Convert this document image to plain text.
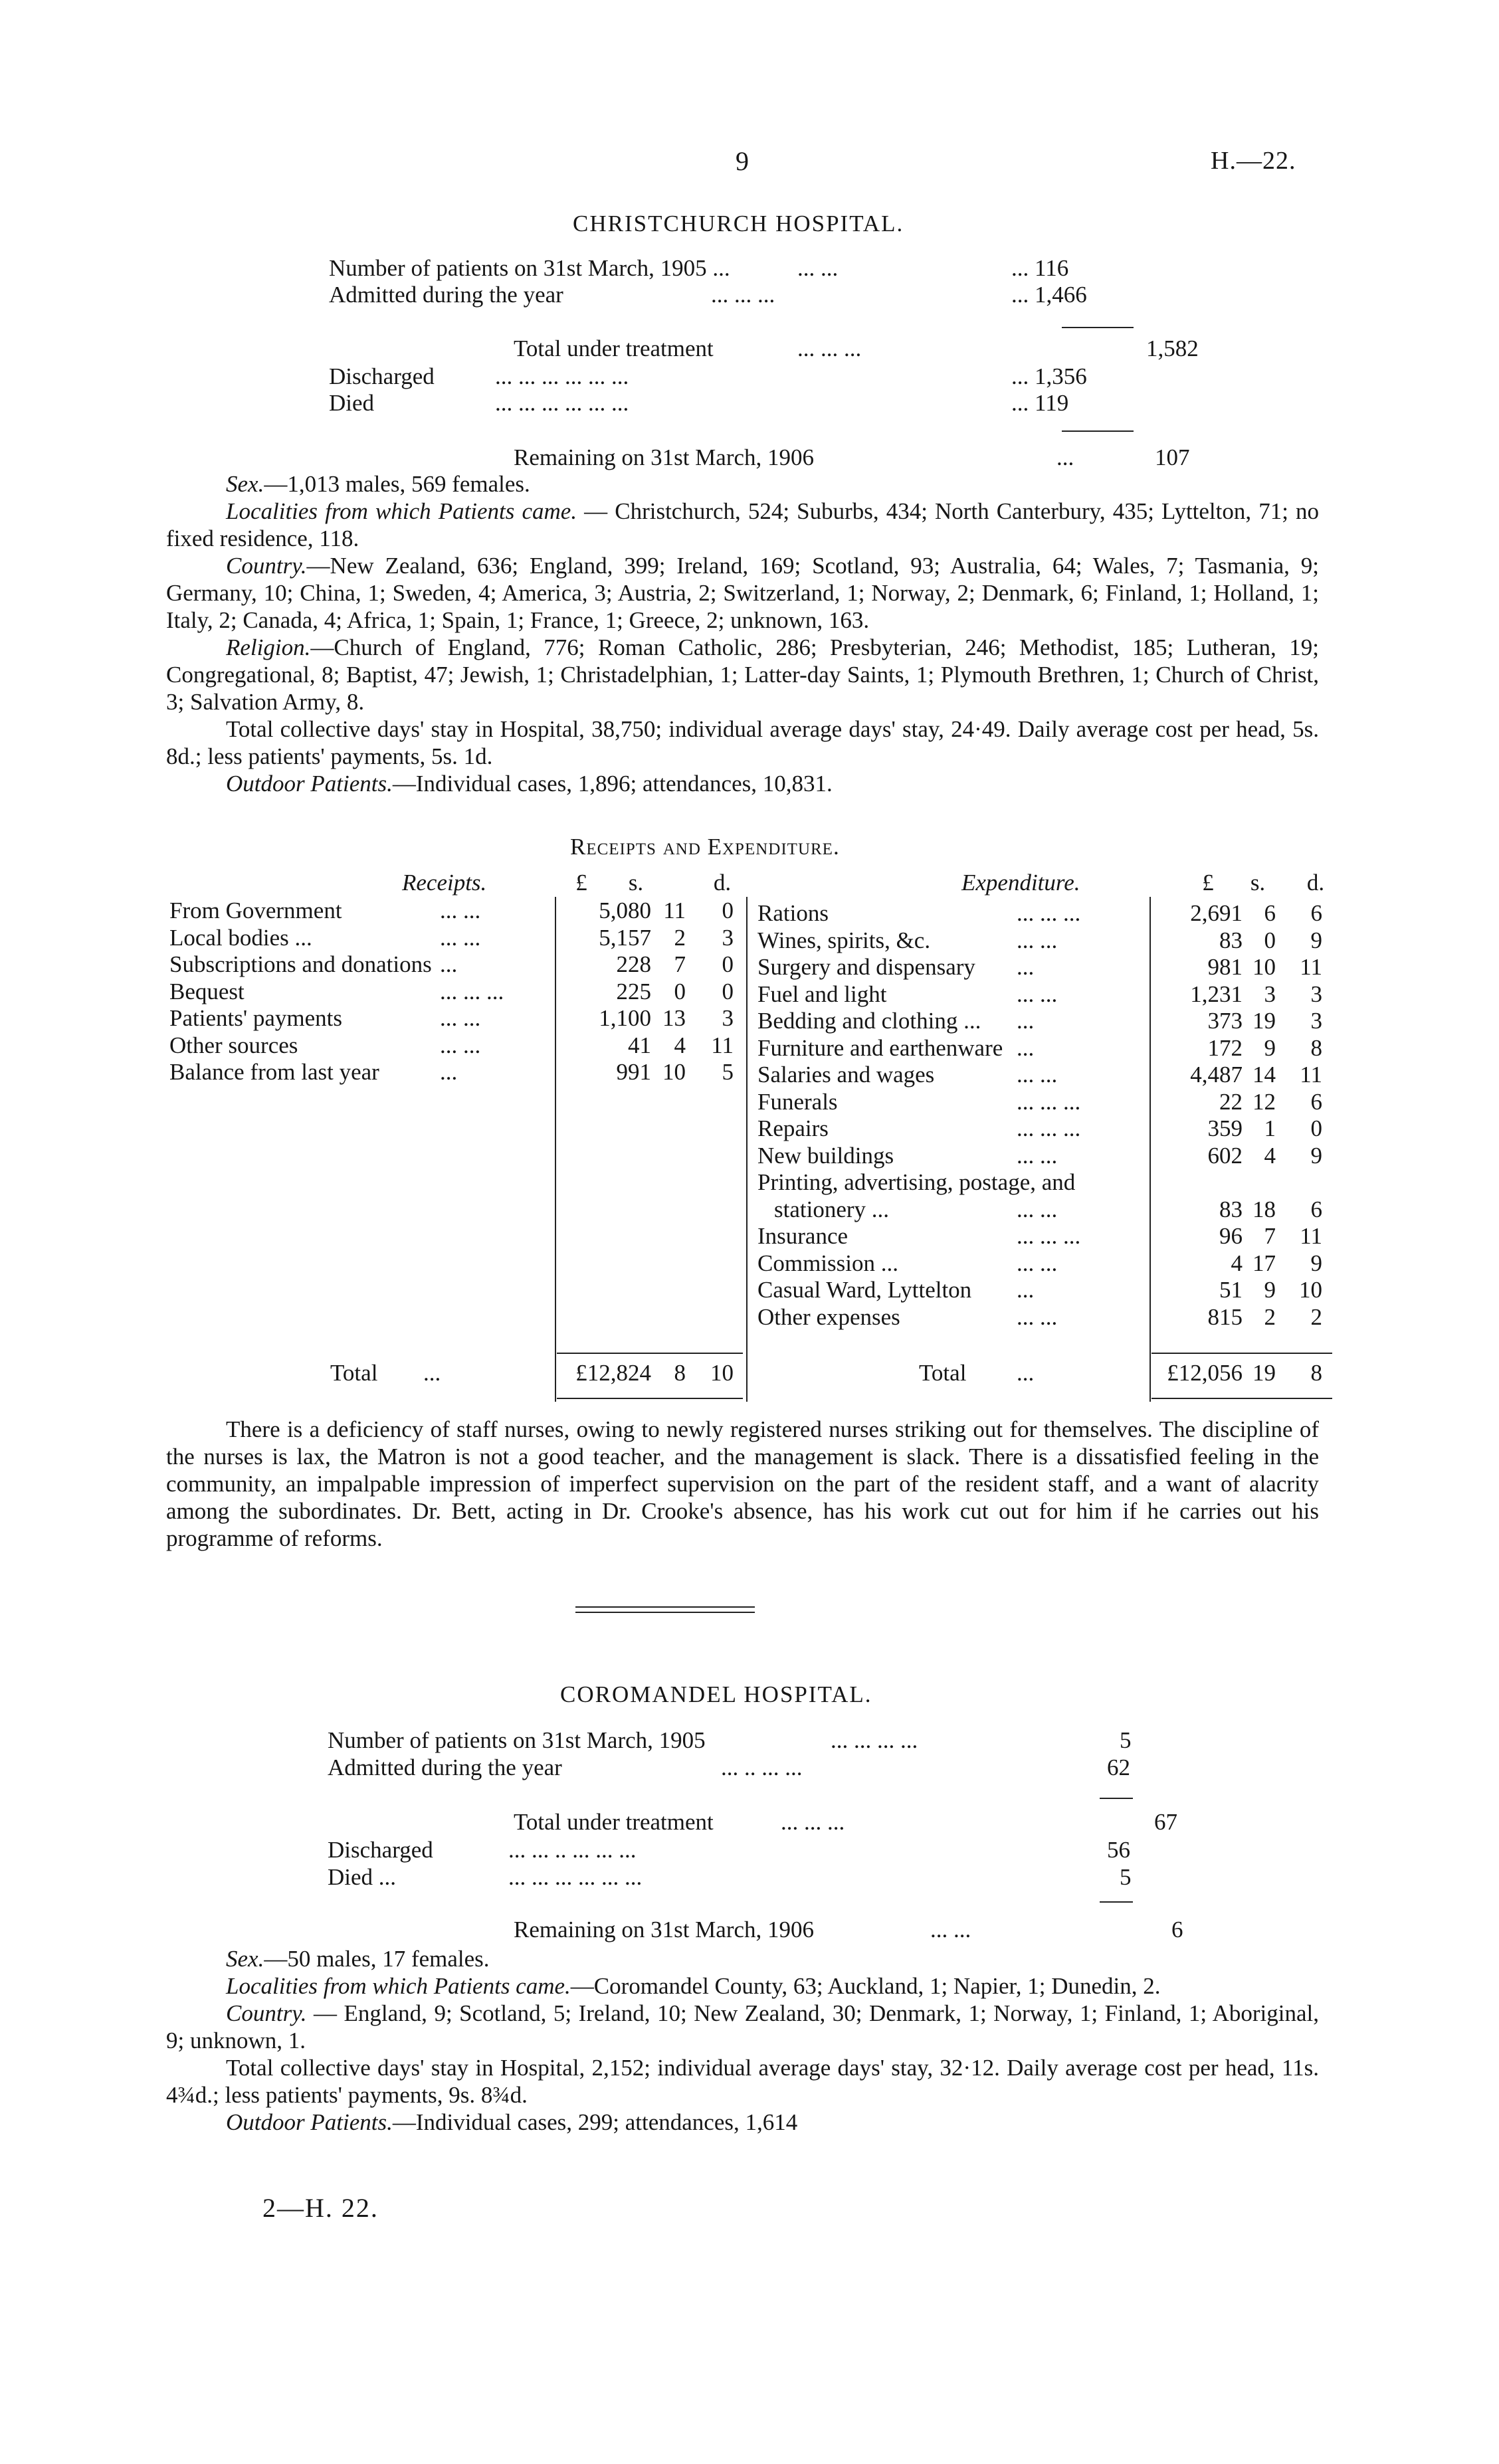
9	H.—22.
CHRISTCHURCH HOSPITAL.
Number of patients on 31st March, 1905 ...	... ...	... 116
Admitted during the year	... ... ...	... 1,466
Total under treatment	... ... ...	1,582
Discharged	... ... ... ... ... ...	... 1,356
Died	... ... ... ... ... ...	... 119
Remaining on 31st March, 1906	...	107

Sex.—1,013 males, 569 females.

Localities from which Patients came. — Christchurch, 524; Suburbs, 434; North Canterbury, 435; Lyttelton, 71; no fixed residence, 118.

Country.—New Zealand, 636; England, 399; Ireland, 169; Scotland, 93; Australia, 64; Wales, 7; Tasmania, 9; Germany, 10; China, 1; Sweden, 4; America, 3; Austria, 2; Switzerland, 1; Norway, 2; Denmark, 6; Finland, 1; Holland, 1; Italy, 2; Canada, 4; Africa, 1; Spain, 1; France, 1; Greece, 2; unknown, 163.

Religion.—Church of England, 776; Roman Catholic, 286; Presbyterian, 246; Methodist, 185; Lutheran, 19; Congregational, 8; Baptist, 47; Jewish, 1; Christadelphian, 1; Latter-day Saints, 1; Plymouth Brethren, 1; Church of Christ, 3; Salvation Army, 8.

Total collective days' stay in Hospital, 38,750; individual average days' stay, 24·49. Daily average cost per head, 5s. 8d.; less patients' payments, 5s. 1d.

Outdoor Patients.—Individual cases, 1,896; attendances, 10,831.

Receipts and Expenditure.
Receipts.	Expenditure.
£	s.	d.	£	s.	d.
From Government	... ...	5,080 11	0
Local bodies ...	... ...	5,157 2	3
Subscriptions and donations ...	228 7	0
Bequest	... ... ...	225 0	0
Patients' payments	... ...	1,100 13	3
Other sources	... ...	41 4	11
Balance from last year	...	991 10	5
Rations	... ... ...	2,691 6	6
Wines, spirits, &c.	... ...	83 0	9
Surgery and dispensary ...	981 10 11
Fuel and light	... ...	1,231 3	3
Bedding and clothing ... ...	373 19	3
Furniture and earthenware ...	172 9	8
Salaries and wages	... ...	4,487 14 11
Funerals	... ... ...	22 12	6
Repairs	... ... ...	359 1	0
New buildings	... ...	602 4	9
Printing, advertising, postage, and
stationery ...	... ...	83 18	6
Insurance	... ... ...	96 7 11
Commission ...	... ...	4 17	9
Casual Ward, Lyttelton ...	51 9 10
Other expenses	... ...	815 2	2
Total ...	£12,824 8	10	Total ...	£12,056 19	8

There is a deficiency of staff nurses, owing to newly registered nurses striking out for themselves. The discipline of the nurses is lax, the Matron is not a good teacher, and the management is slack. There is a dissatisfied feeling in the community, an impalpable impression of imperfect supervision on the part of the resident staff, and a want of alacrity among the subordinates. Dr. Bett, acting in Dr. Crooke's absence, has his work cut out for him if he carries out his programme of reforms.

COROMANDEL HOSPITAL.
Number of patients on 31st March, 1905	... ... ... ...	5
Admitted during the year	... .. ... ...	62
Total under treatment	... ... ...	67
Discharged	... ... .. ... ... ...	56
Died ...	... ... ... ... ... ...	5
Remaining on 31st March, 1906	... ...	6

Sex.—50 males, 17 females.

Localities from which Patients came.—Coromandel County, 63; Auckland, 1; Napier, 1; Dunedin, 2.

Country. — England, 9; Scotland, 5; Ireland, 10; New Zealand, 30; Denmark, 1; Norway, 1; Finland, 1; Aboriginal, 9; unknown, 1.

Total collective days' stay in Hospital, 2,152; individual average days' stay, 32·12. Daily average cost per head, 11s. 4¾d.; less patients' payments, 9s. 8¾d.

Outdoor Patients.—Individual cases, 299; attendances, 1,614

2—H. 22.
